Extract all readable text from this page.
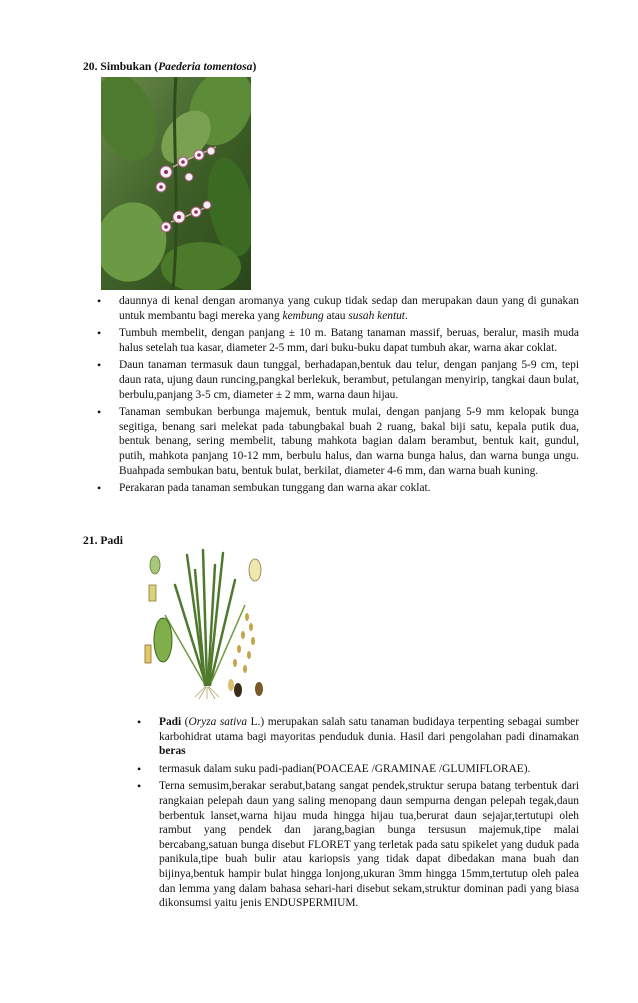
20. Simbukan (Paederia tomentosa)
• daunnya di kenal dengan aromanya yang cukup tidak sedap dan merupakan daun yang di gunakan untuk membantu bagi mereka yang kembung atau susah kentut.
• Tumbuh membelit, dengan panjang ± 10 m. Batang tanaman massif, beruas, beralur, masih muda halus setelah tua kasar, diameter 2-5 mm, dari buku-buku dapat tumbuh akar, warna akar coklat.
• Daun tanaman termasuk daun tunggal, berhadapan,bentuk dau telur, dengan panjang 5-9 cm, tepi daun rata, ujung daun runcing,pangkal berlekuk, berambut, petulangan menyirip, tangkai daun bulat, berbulu,panjang 3-5 cm, diameter ± 2 mm, warna daun hijau.
• Tanaman sembukan berbunga majemuk, bentuk mulai, dengan panjang 5-9 mm kelopak bunga segitiga, benang sari melekat pada tabungbakal buah 2 ruang, bakal biji satu, kepala putik dua, bentuk benang, sering membelit, tabung mahkota bagian dalam berambut, bentuk kait, gundul, putih, mahkota panjang 10-12 mm, berbulu halus, dan warna bunga halus, dan warna bunga ungu. Buahpada sembukan batu, bentuk bulat, berkilat, diameter 4-6 mm, dan warna buah kuning.
• Perakaran pada tanaman sembukan tunggang dan warna akar coklat.
21. Padi
• Padi (Oryza sativa L.) merupakan salah satu tanaman budidaya terpenting sebagai sumber karbohidrat utama bagi mayoritas penduduk dunia. Hasil dari pengolahan padi dinamakan beras
• termasuk dalam suku padi-padian(POACEAE /GRAMINAE /GLUMIFLORAE).
• Terna semusim,berakar serabut,batang sangat pendek,struktur serupa batang terbentuk dari rangkaian pelepah daun yang saling menopang daun sempurna dengan pelepah tegak,daun berbentuk lanset,warna hijau muda hingga hijau tua,berurat daun sejajar,tertutupi oleh rambut yang pendek dan jarang,bagian bunga tersusun majemuk,tipe malai bercabang,satuan bunga disebut FLORET yang terletak pada satu spikelet yang duduk pada panikula,tipe buah bulir atau kariopsis yang tidak dapat dibedakan mana buah dan bijinya,bentuk hampir bulat hingga lonjong,ukuran 3mm hingga 15mm,tertutup oleh palea dan lemma yang dalam bahasa sehari-hari disebut sekam,struktur dominan padi yang biasa dikonsumsi yaitu jenis ENDUSPERMIUM.
